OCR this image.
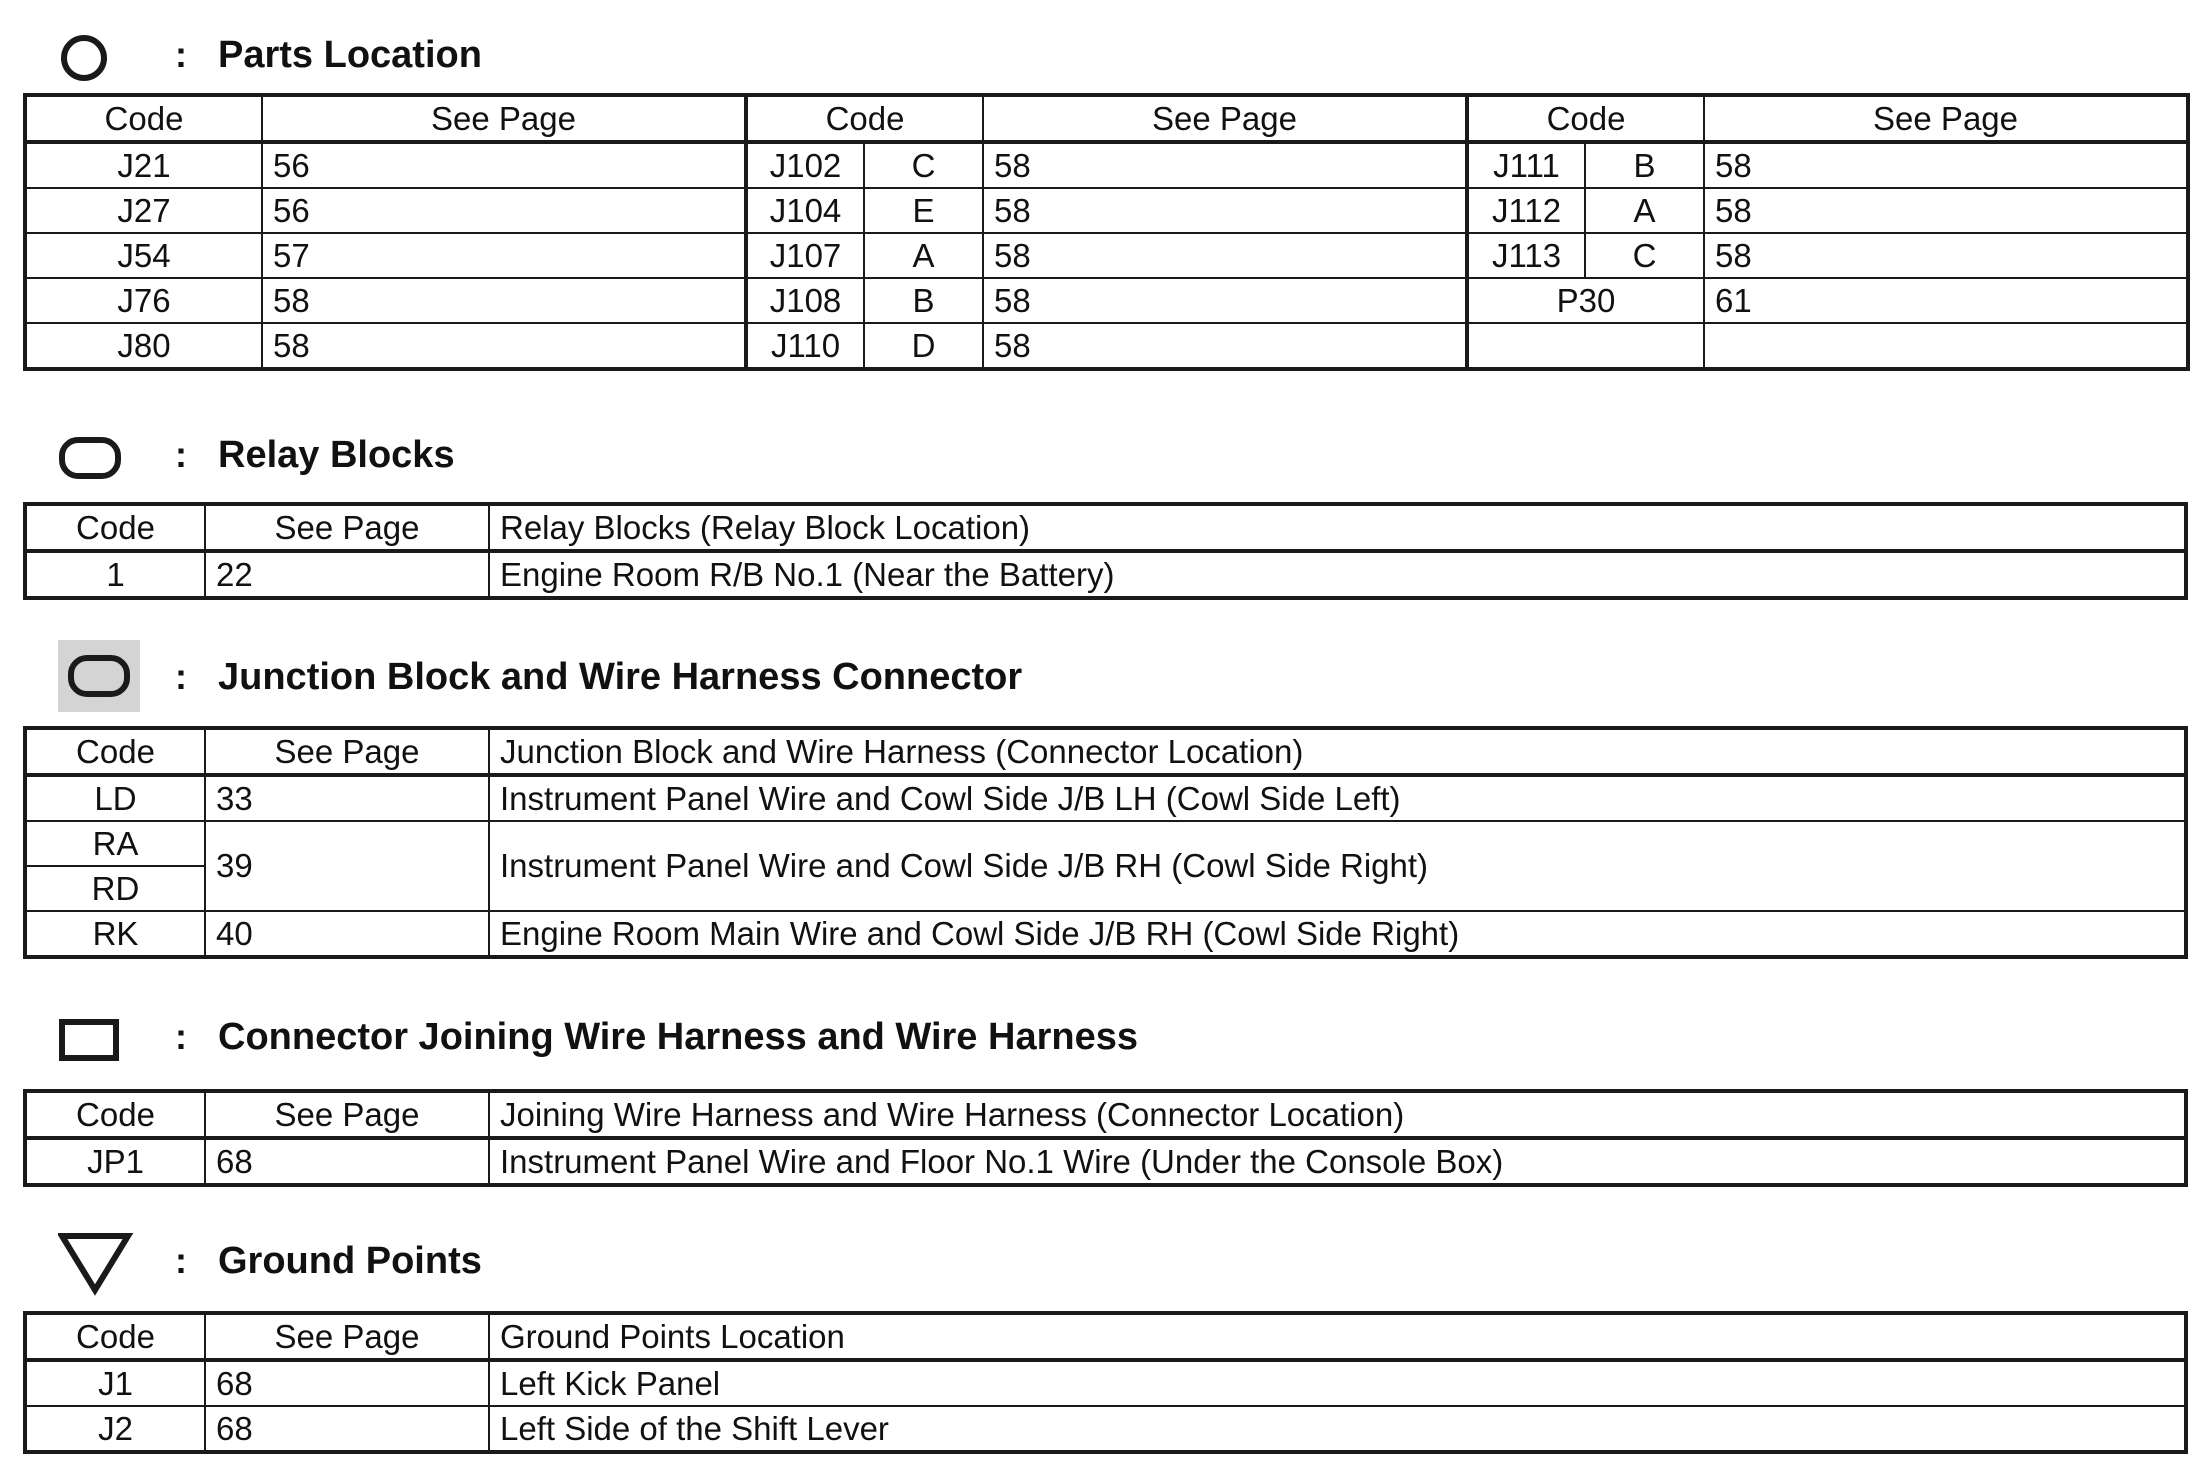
: Parts Location
Code	See Page	Code		See Page	Code		See Page
J21	56	J102	C	58	J111	B	58
J27	56	J104	E	58	J112	A	58
J54	57	J107	A	58	J113	C	58
J76	58	J108	B	58	P30		61
J80	58	J110	D	58			
: Relay Blocks
Code	See Page	Relay Blocks (Relay Block Location)
1	22	Engine Room R/B No.1 (Near the Battery)
: Junction Block and Wire Harness Connector
Code	See Page	Junction Block and Wire Harness (Connector Location)
LD	33	Instrument Panel Wire and Cowl Side J/B LH (Cowl Side Left)
RA	39	Instrument Panel Wire and Cowl Side J/B RH (Cowl Side Right)
RD		
RK	40	Engine Room Main Wire and Cowl Side J/B RH (Cowl Side Right)
: Connector Joining Wire Harness and Wire Harness
Code	See Page	Joining Wire Harness and Wire Harness (Connector Location)
JP1	68	Instrument Panel Wire and Floor No.1 Wire (Under the Console Box)
: Ground Points
Code	See Page	Ground Points Location
J1	68	Left Kick Panel
J2	68	Left Side of the Shift Lever
